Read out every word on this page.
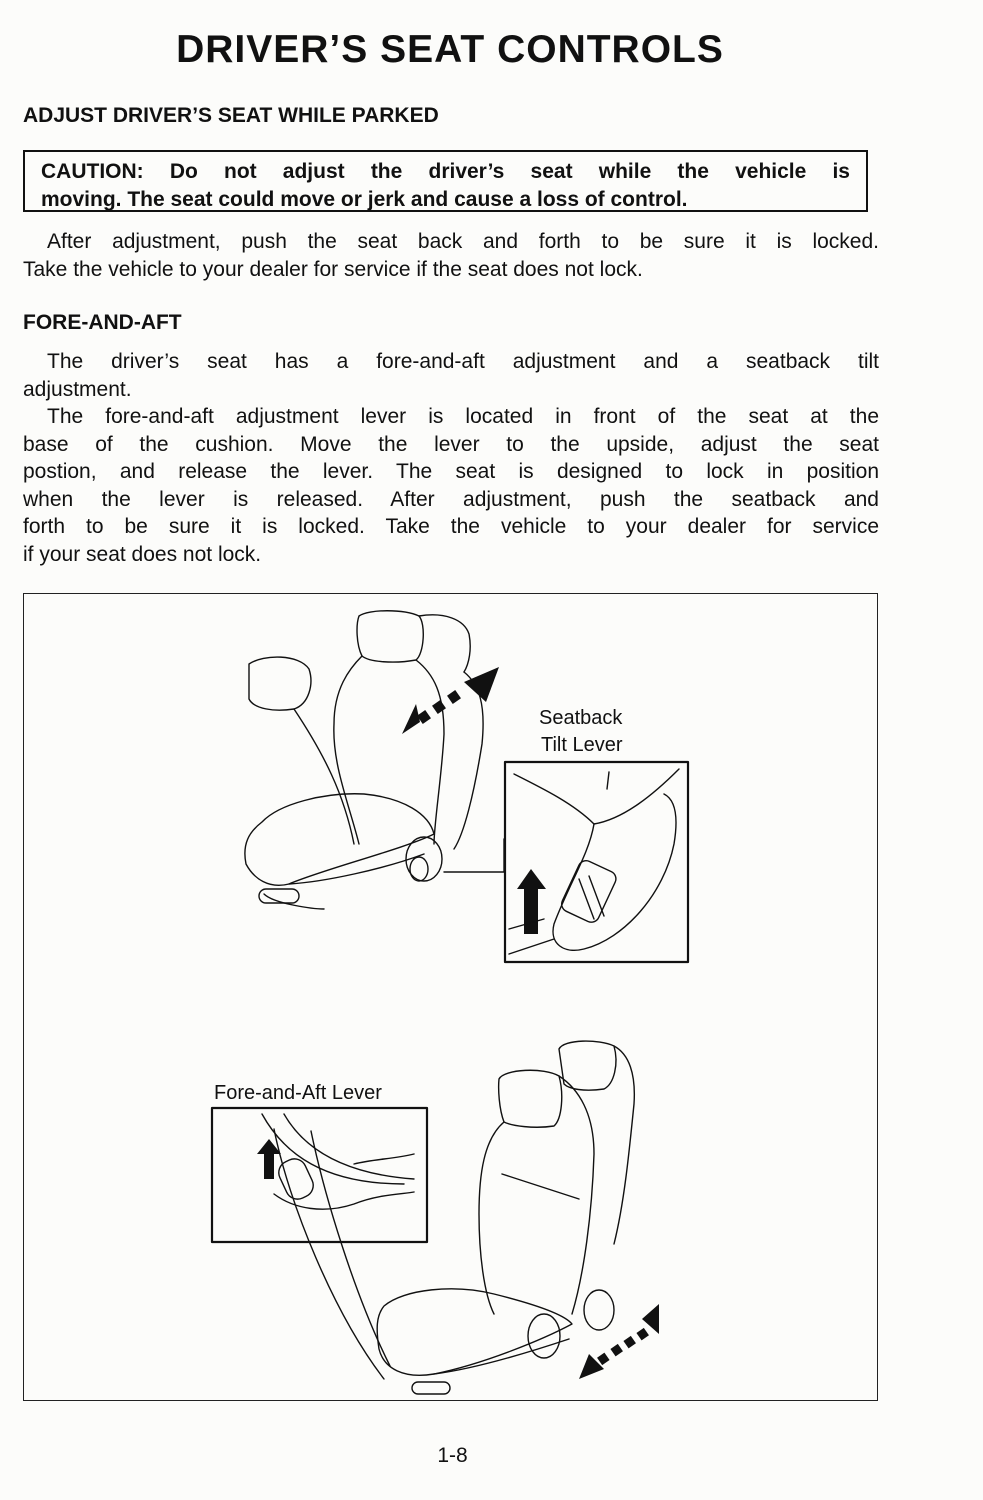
DRIVER’S SEAT CONTROLS
ADJUST DRIVER’S SEAT WHILE PARKED
CAUTION: Do not adjust the driver’s seat while the vehicle is
moving. The seat could move or jerk and cause a loss of control.
After adjustment, push the seat back and forth to be sure it is locked.
Take the vehicle to your dealer for service if the seat does not lock.
FORE-AND-AFT
The driver’s seat has a fore-and-aft adjustment and a seatback tilt
adjustment.
The fore-and-aft adjustment lever is located in front of the seat at the
base of the cushion. Move the lever to the upside, adjust the seat
postion, and release the lever. The seat is designed to lock in position
when the lever is released. After adjustment, push the seatback and
forth to be sure it is locked. Take the vehicle to your dealer for service
if your seat does not lock.
Seatback
Tilt Lever
Fore-and-Aft Lever
1-8
